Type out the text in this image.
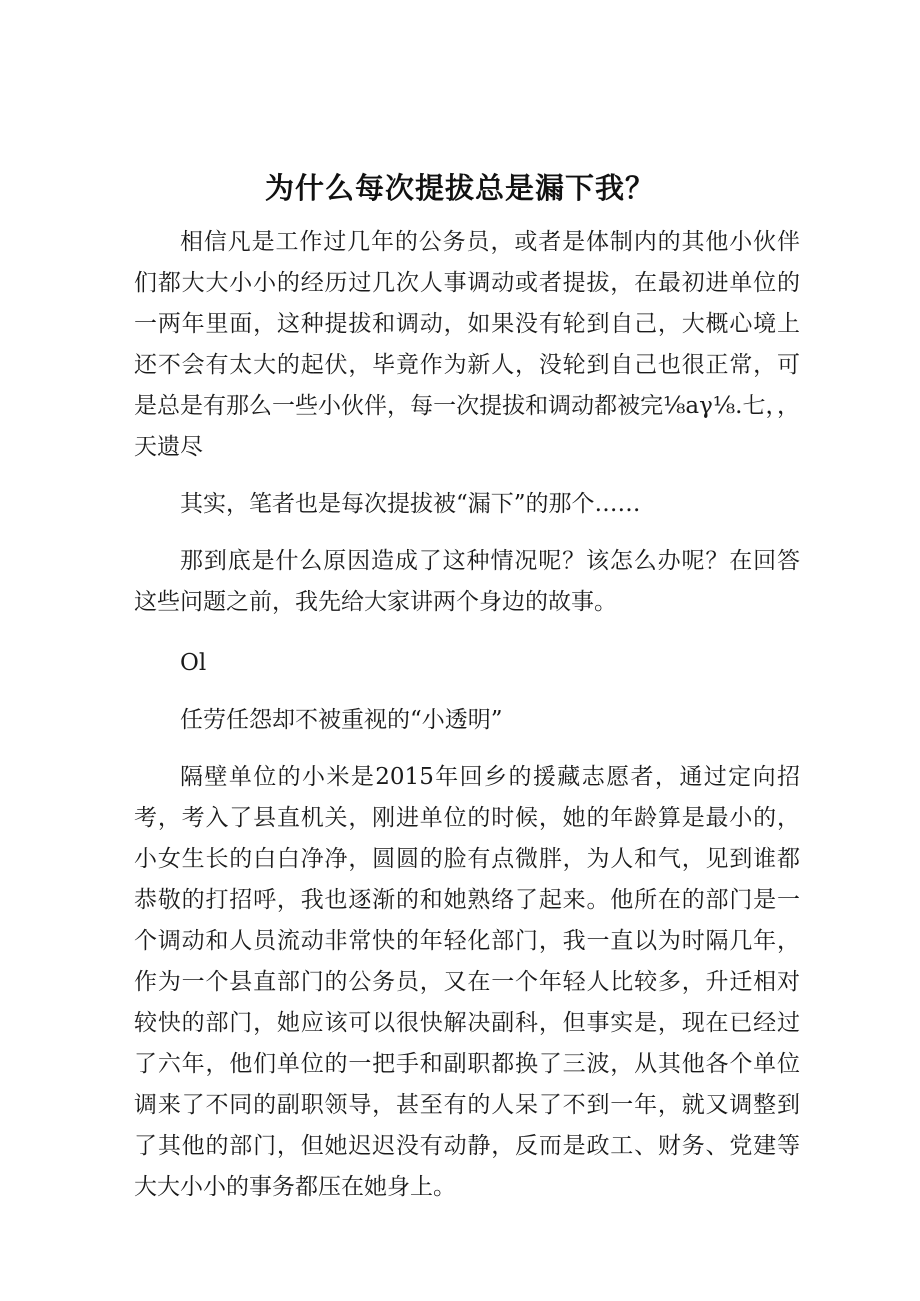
为什么每次提拔总是漏下我？

相信凡是工作过几年的公务员，或者是体制内的其他小伙伴们都大大小小的经历过几次人事调动或者提拔，在最初进单位的一两年里面，这种提拔和调动，如果没有轮到自己，大概心境上还不会有太大的起伏，毕竟作为新人，没轮到自己也很正常，可是总是有那么一些小伙伴，每一次提拔和调动都被完⅛aγ⅛.七，，天遗尽

其实，笔者也是每次提拔被“漏下”的那个……

那到底是什么原因造成了这种情况呢？该怎么办呢？在回答这些问题之前，我先给大家讲两个身边的故事。

Ol

任劳任怨却不被重视的“小透明”

隔壁单位的小米是2015年回乡的援藏志愿者，通过定向招考，考入了县直机关，刚进单位的时候，她的年龄算是最小的，小女生长的白白净净，圆圆的脸有点微胖，为人和气，见到谁都恭敬的打招呼，我也逐渐的和她熟络了起来。他所在的部门是一个调动和人员流动非常快的年轻化部门，我一直以为时隔几年，作为一个县直部门的公务员，又在一个年轻人比较多，升迁相对较快的部门，她应该可以很快解决副科，但事实是，现在已经过了六年，他们单位的一把手和副职都换了三波，从其他各个单位调来了不同的副职领导，甚至有的人呆了不到一年，就又调整到了其他的部门，但她迟迟没有动静，反而是政工、财务、党建等大大小小的事务都压在她身上。
